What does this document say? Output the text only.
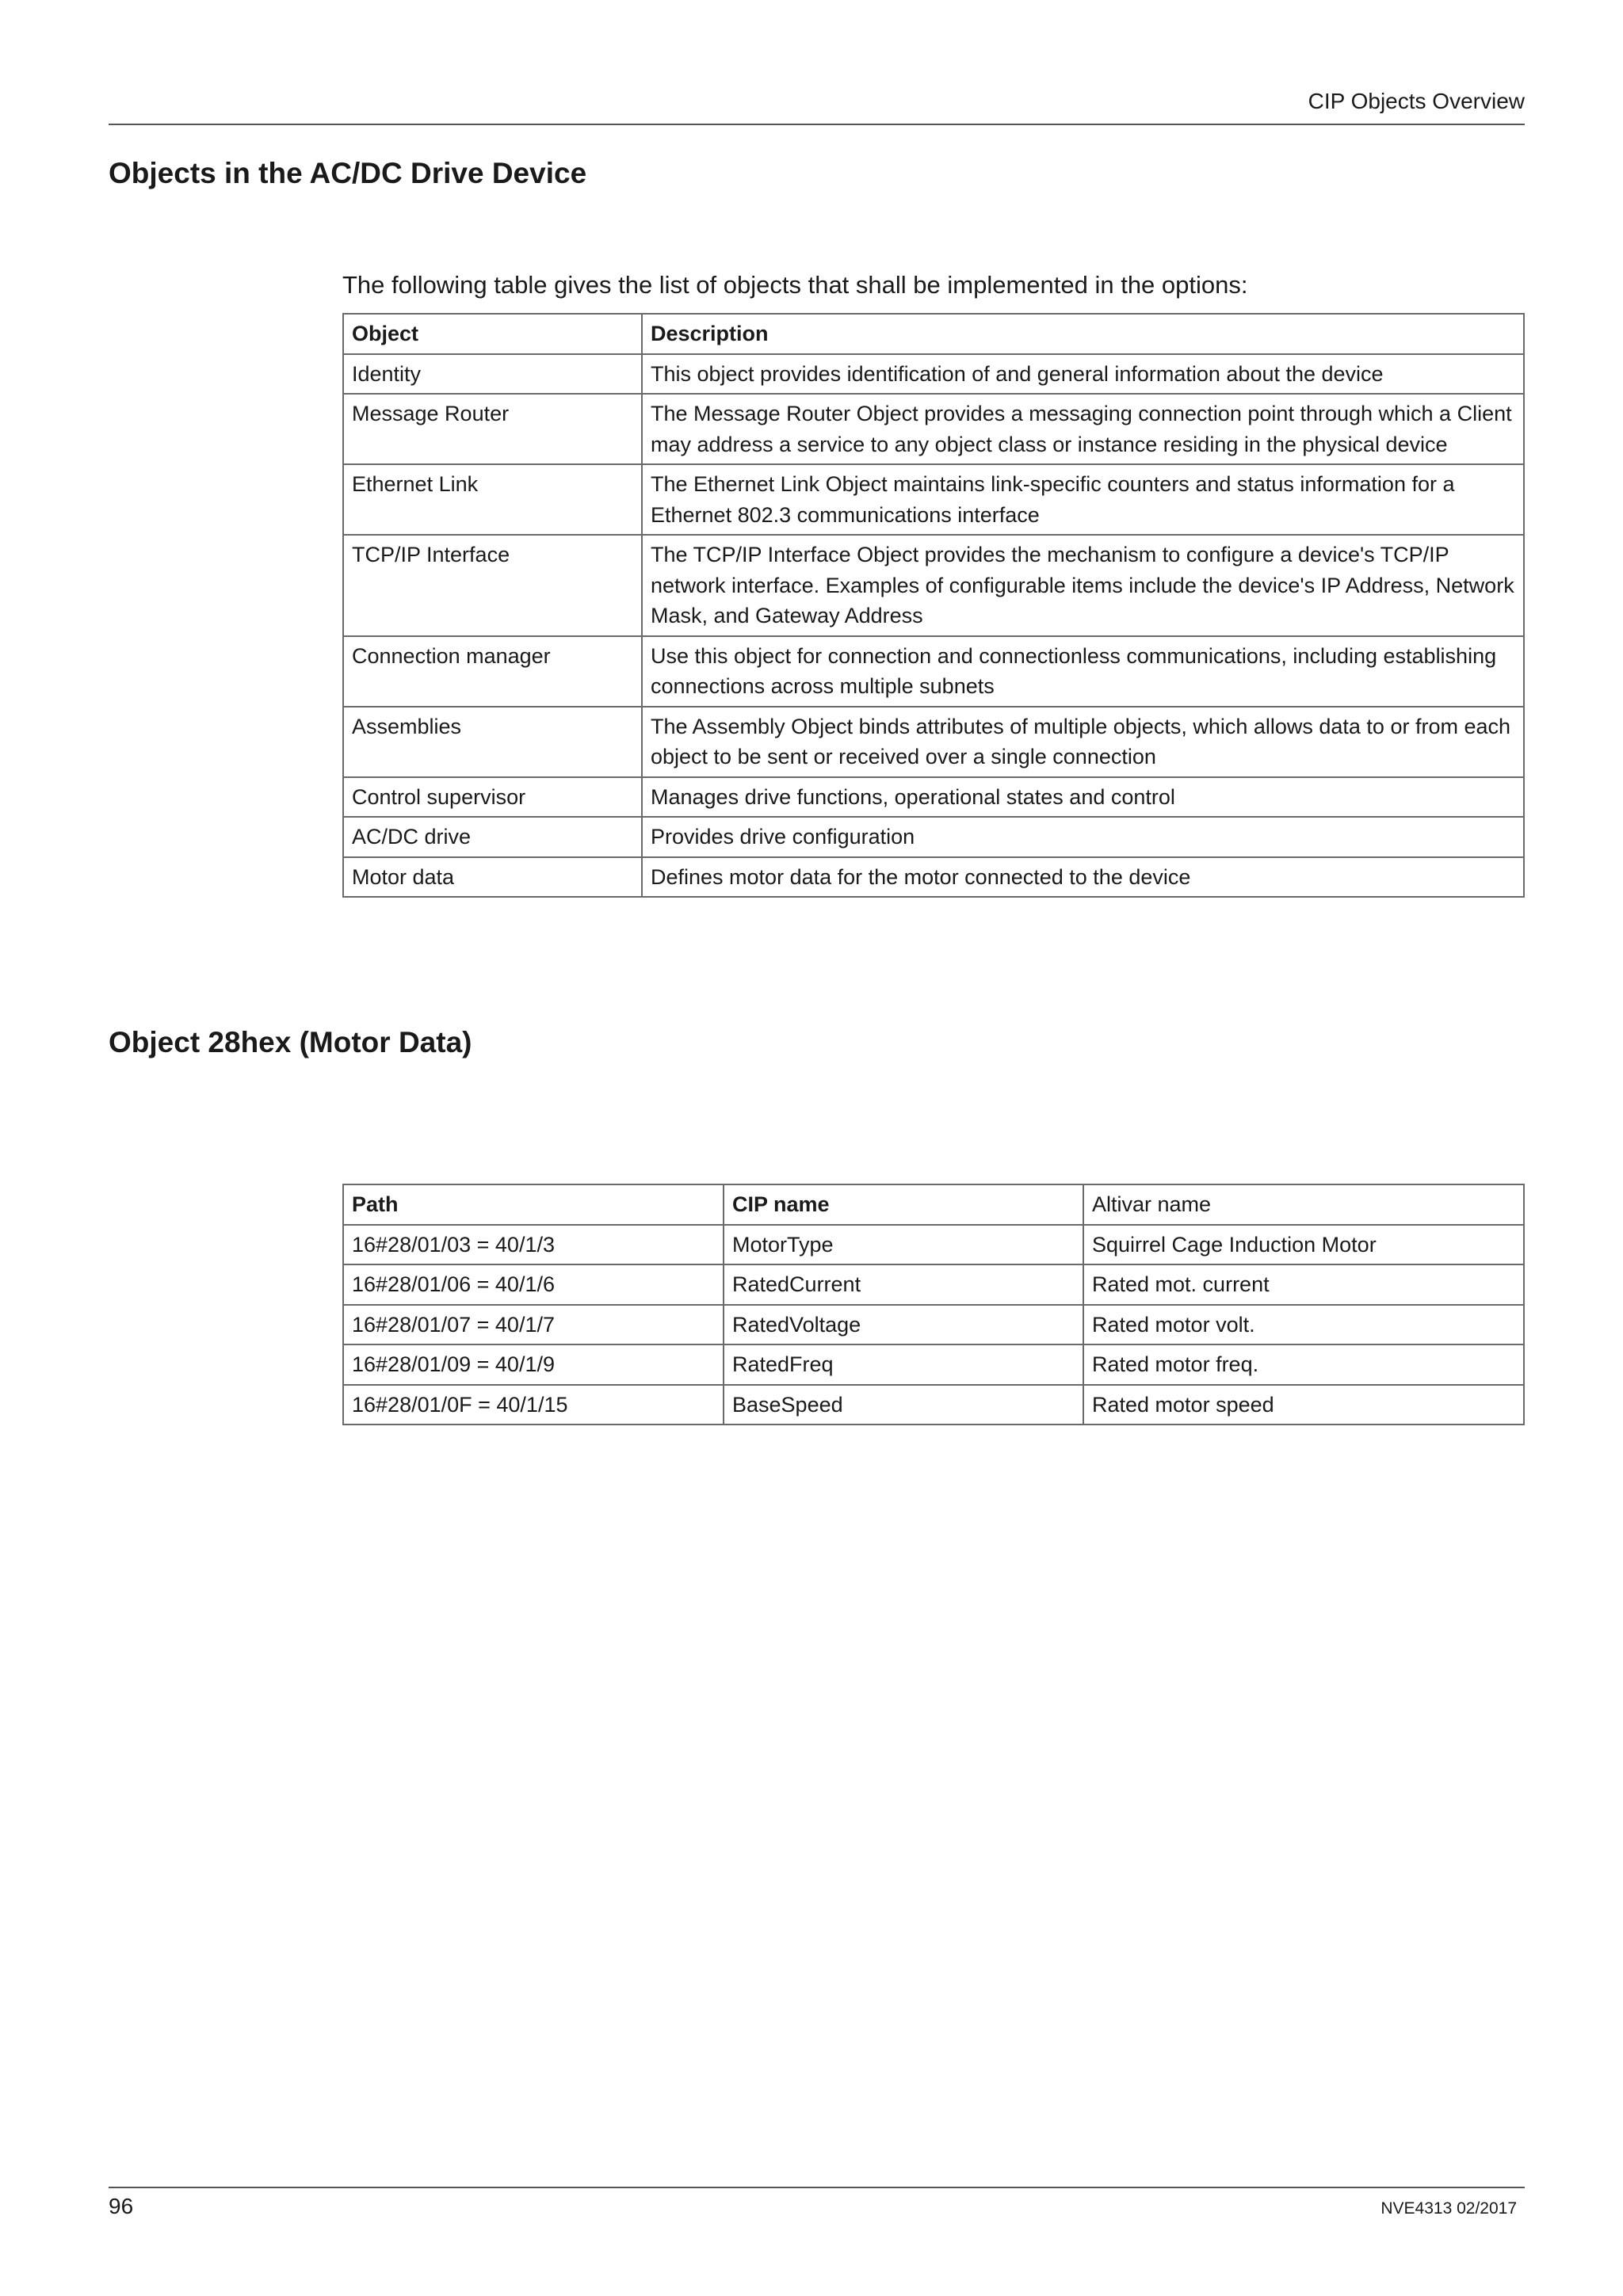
CIP Objects Overview
Objects in the AC/DC Drive Device

The following table gives the list of objects that shall be implemented in the options:

Object	Description
Identity	This object provides identification of and general information about the device
Message Router	The Message Router Object provides a messaging connection point through which a Client may address a service to any object class or instance residing in the physical device
Ethernet Link	The Ethernet Link Object maintains link-specific counters and status information for a Ethernet 802.3 communications interface
TCP/IP Interface	The TCP/IP Interface Object provides the mechanism to configure a device's TCP/IP network interface. Examples of configurable items include the device's IP Address, Network Mask, and Gateway Address
Connection manager	Use this object for connection and connectionless communications, including establishing connections across multiple subnets
Assemblies	The Assembly Object binds attributes of multiple objects, which allows data to or from each object to be sent or received over a single connection
Control supervisor	Manages drive functions, operational states and control
AC/DC drive	Provides drive configuration
Motor data	Defines motor data for the motor connected to the device
Object 28hex (Motor Data)
Path	CIP name	Altivar name
16#28/01/03 = 40/1/3	MotorType	Squirrel Cage Induction Motor
16#28/01/06 = 40/1/6	RatedCurrent	Rated mot. current
16#28/01/07 = 40/1/7	RatedVoltage	Rated motor volt.
16#28/01/09 = 40/1/9	RatedFreq	Rated motor freq.
16#28/01/0F = 40/1/15	BaseSpeed	Rated motor speed
96	NVE4313 02/2017
